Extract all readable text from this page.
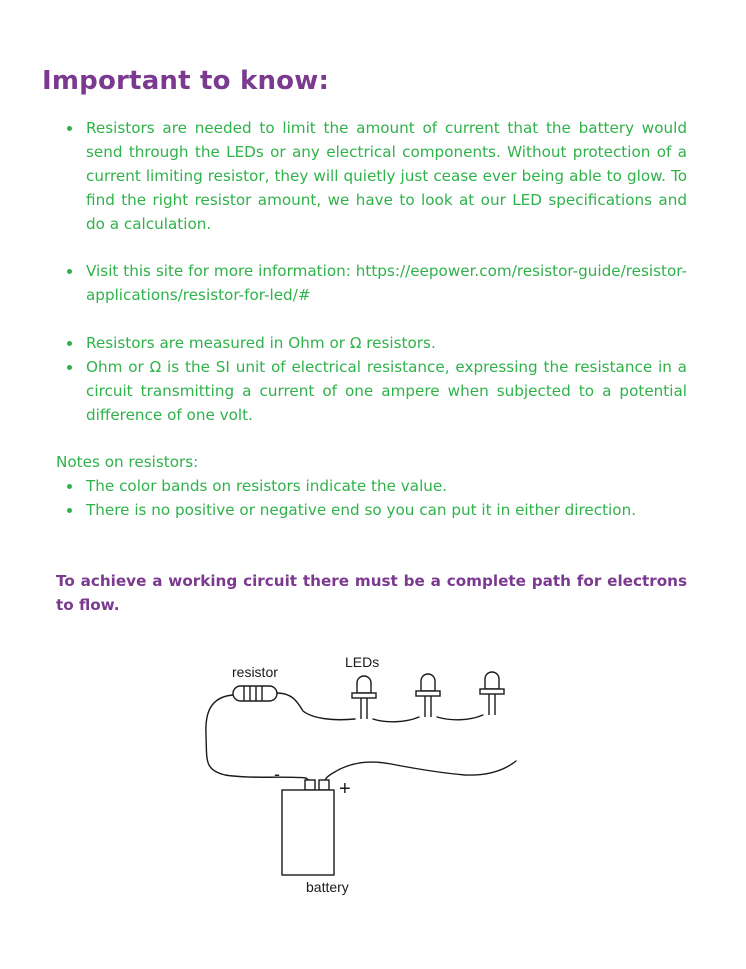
Important to know:
Resistors are needed to limit the amount of current that the battery would send through the LEDs or any electrical components. Without protection of a current limiting resistor, they will quietly just cease ever being able to glow. To find the right resistor amount, we have to look at our LED specifications and do a calculation.
Visit this site for more information: https://eepower.com/resistor-guide/resistor-applications/resistor-for-led/#
Resistors are measured in Ohm or Ω resistors.
Ohm or Ω is the SI unit of electrical resistance, expressing the resistance in a circuit transmitting a current of one ampere when subjected to a potential difference of one volt.

Notes on resistors:

The color bands on resistors indicate the value.
There is no positive or negative end so you can put it in either direction.

To achieve a working circuit there must be a complete path for electrons to flow.

resistor
LEDs
-
+
battery
